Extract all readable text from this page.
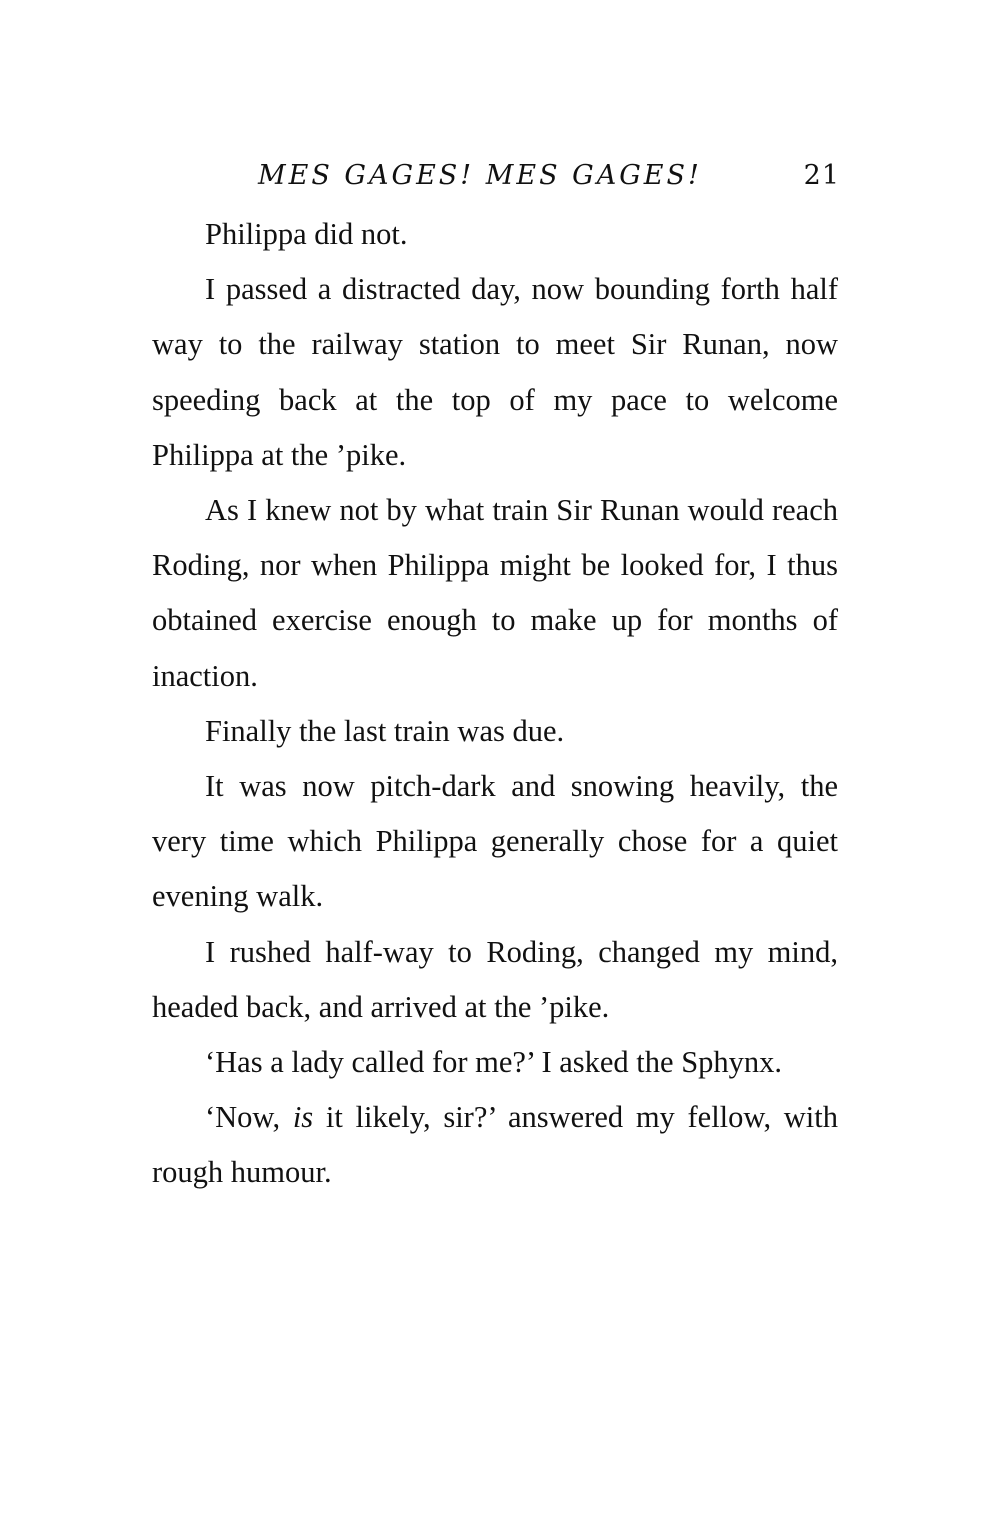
MES GAGES! MES GAGES!	21

Philippa did not.

I passed a distracted day, now bounding forth half way to the railway station to meet Sir Runan, now speeding back at the top of my pace to welcome Philippa at the ’pike.

As I knew not by what train Sir Runan would reach Roding, nor when Philippa might be looked for, I thus obtained exercise enough to make up for months of inaction.

Finally the last train was due.

It was now pitch-dark and snowing heavily, the very time which Philippa generally chose for a quiet evening walk.

I rushed half-way to Roding, changed my mind, headed back, and arrived at the ’pike.

‘Has a lady called for me?’ I asked the Sphynx.

‘Now, is it likely, sir?’ answered my fellow, with rough humour.
